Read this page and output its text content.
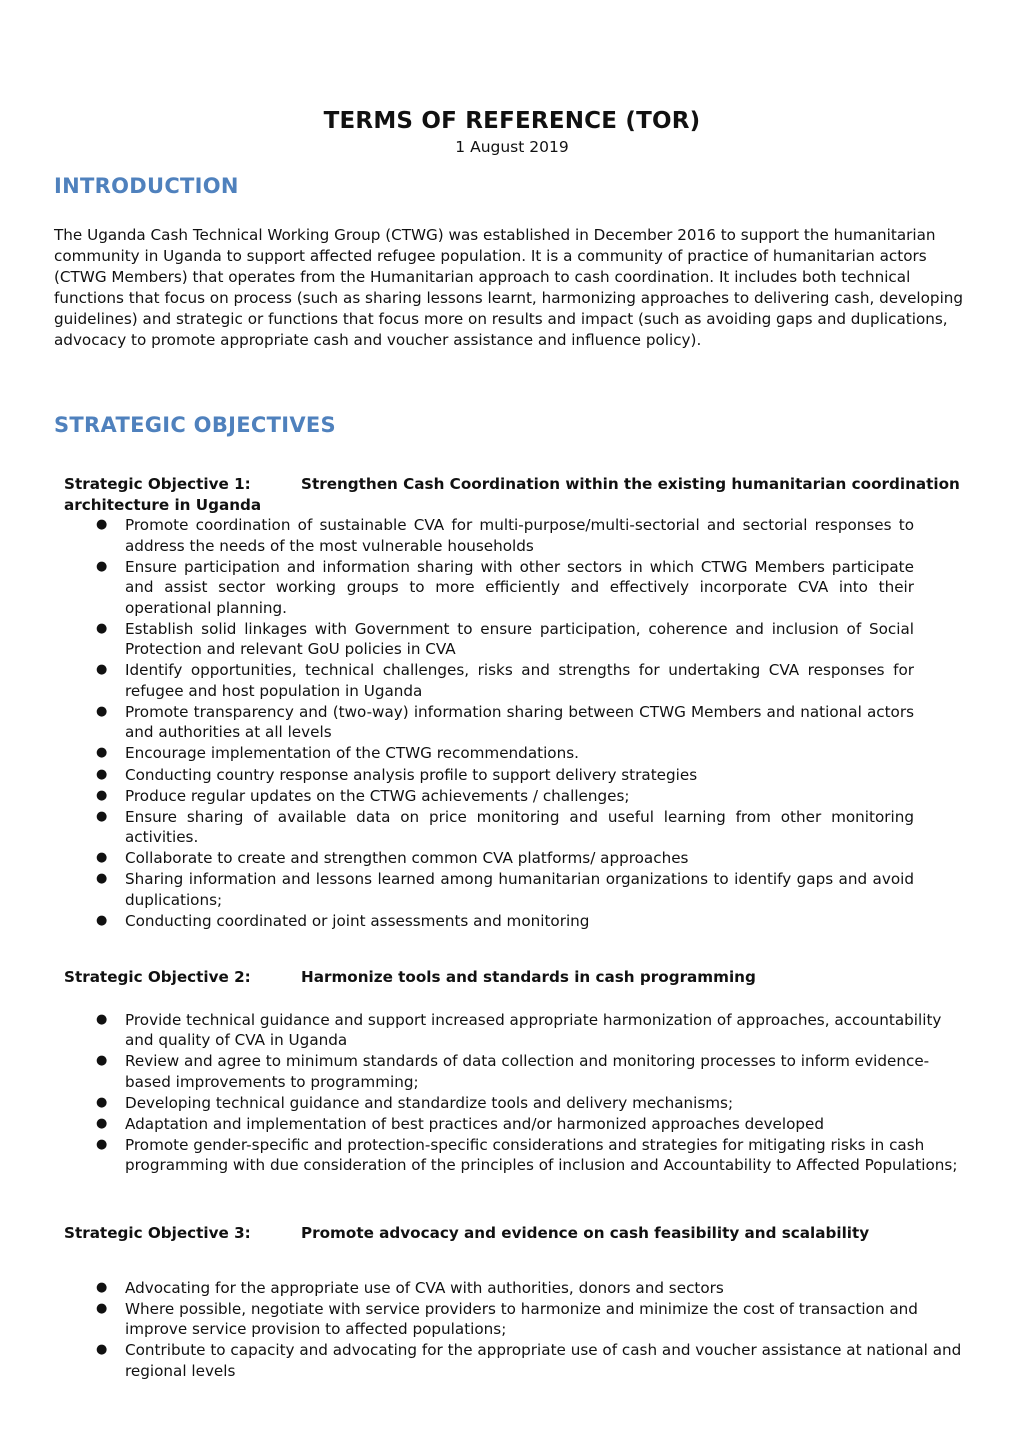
TERMS OF REFERENCE (TOR)
1 August 2019
INTRODUCTION
The Uganda Cash Technical Working Group (CTWG) was established in December 2016 to support the humanitarian community in Uganda to support affected refugee population. It is a community of practice of humanitarian actors (CTWG Members) that operates from the Humanitarian approach to cash coordination. It includes both technical functions that focus on process (such as sharing lessons learnt, harmonizing approaches to delivering cash, developing guidelines) and strategic or functions that focus more on results and impact (such as avoiding gaps and duplications, advocacy to promote appropriate cash and voucher assistance and influence policy).
STRATEGIC OBJECTIVES
Strategic Objective 1:	Strengthen Cash Coordination within the existing humanitarian coordination architecture in Uganda
● Promote coordination of sustainable CVA for multi-purpose/multi-sectorial and sectorial responses to address the needs of the most vulnerable households
● Ensure participation and information sharing with other sectors in which CTWG Members participate and assist sector working groups to more efficiently and effectively incorporate CVA into their operational planning.
● Establish solid linkages with Government to ensure participation, coherence and inclusion of Social Protection and relevant GoU policies in CVA
● Identify opportunities, technical challenges, risks and strengths for undertaking CVA responses for refugee and host population in Uganda
● Promote transparency and (two-way) information sharing between CTWG Members and national actors and authorities at all levels
● Encourage implementation of the CTWG recommendations.
● Conducting country response analysis profile to support delivery strategies
● Produce regular updates on the CTWG achievements / challenges;
● Ensure sharing of available data on price monitoring and useful learning from other monitoring activities.
● Collaborate to create and strengthen common CVA platforms/ approaches
● Sharing information and lessons learned among humanitarian organizations to identify gaps and avoid duplications;
● Conducting coordinated or joint assessments and monitoring
Strategic Objective 2:	Harmonize tools and standards in cash programming
● Provide technical guidance and support increased appropriate harmonization of approaches, accountability and quality of CVA in Uganda
● Review and agree to minimum standards of data collection and monitoring processes to inform evidence-based improvements to programming;
● Developing technical guidance and standardize tools and delivery mechanisms;
● Adaptation and implementation of best practices and/or harmonized approaches developed
● Promote gender-specific and protection-specific considerations and strategies for mitigating risks in cash programming with due consideration of the principles of inclusion and Accountability to Affected Populations;
Strategic Objective 3:	Promote advocacy and evidence on cash feasibility and scalability
● Advocating for the appropriate use of CVA with authorities, donors and sectors
● Where possible, negotiate with service providers to harmonize and minimize the cost of transaction and improve service provision to affected populations;
● Contribute to capacity and advocating for the appropriate use of cash and voucher assistance at national and regional levels
